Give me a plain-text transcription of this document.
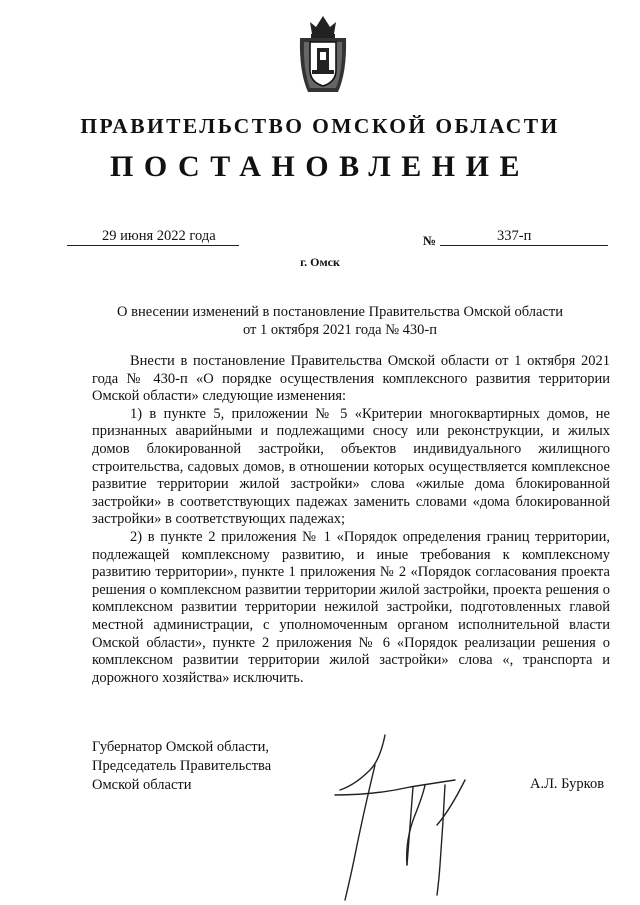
ПРАВИТЕЛЬСТВО ОМСКОЙ ОБЛАСТИ
ПОСТАНОВЛЕНИЕ
29 июня 2022 года	№	337-п
г. Омск
О внесении изменений в постановление Правительства Омской области
от 1 октября 2021 года № 430-п

Внести в постановление Правительства Омской области от 1 октября 2021 года № 430-п «О порядке осуществления комплексного развития территории Омской области» следующие изменения:

1) в пункте 5, приложении № 5 «Критерии многоквартирных домов, не признанных аварийными и подлежащими сносу или реконструкции, и жилых домов блокированной застройки, объектов индивидуального жилищного строительства, садовых домов, в отношении которых осуществляется комплексное развитие территории жилой застройки» слова «жилые дома блокированной застройки» в соответствующих падежах заменить словами «дома блокированной застройки» в соответствующих падежах;

2) в пункте 2 приложения № 1 «Порядок определения границ территории, подлежащей комплексному развитию, и иные требования к комплексному развитию территории», пункте 1 приложения № 2 «Порядок согласования проекта решения о комплексном развитии территории жилой застройки, проекта решения о комплексном развитии территории нежилой застройки, подготовленных главой местной администрации, с уполномоченным органом исполнительной власти Омской области», пункте 2 приложения № 6 «Порядок реализации решения о комплексном развитии территории жилой застройки» слова «, транспорта и дорожного хозяйства» исключить.

Губернатор Омской области,
Председатель Правительства
Омской области	А.Л. Бурков
